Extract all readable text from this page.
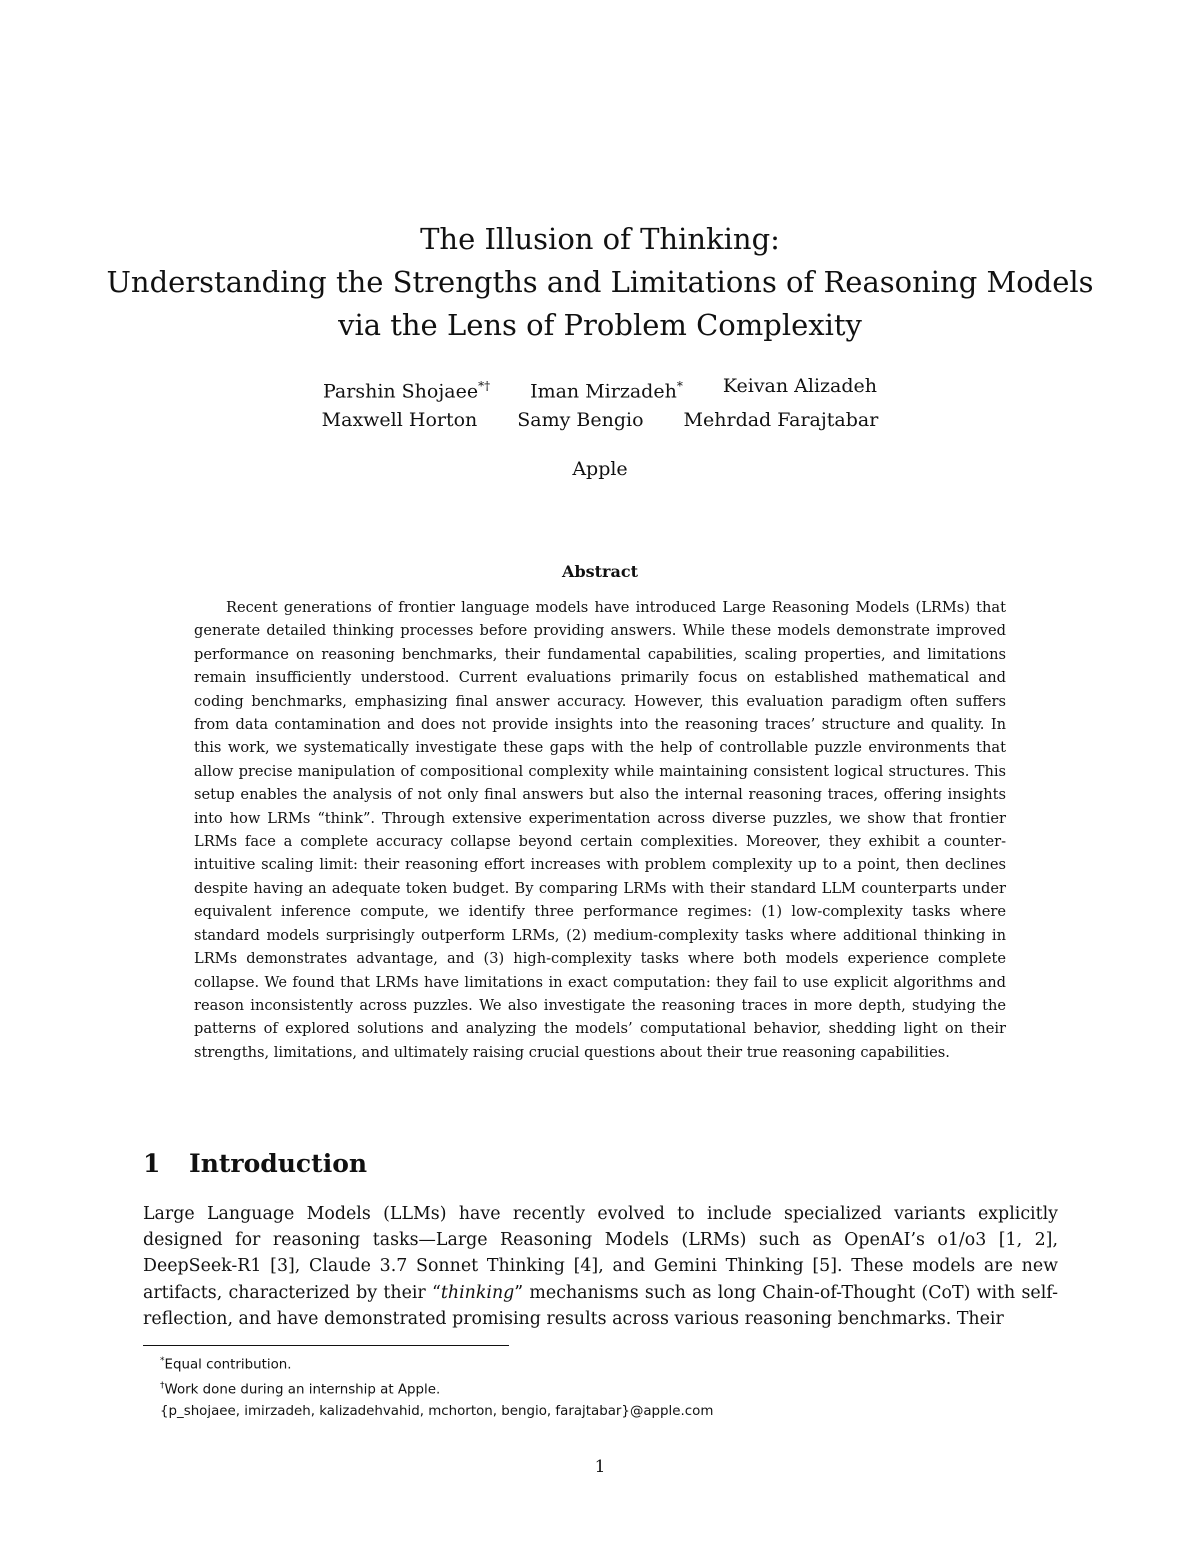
The Illusion of Thinking:
Understanding the Strengths and Limitations of Reasoning Models
via the Lens of Problem Complexity
Parshin Shojaee*† Iman Mirzadeh* Keivan Alizadeh
Maxwell Horton Samy Bengio Mehrdad Farajtabar
Apple
Abstract
Recent generations of frontier language models have introduced Large Reasoning Models (LRMs) that generate detailed thinking processes before providing answers. While these models demonstrate improved performance on reasoning benchmarks, their fundamental capabilities, scaling properties, and limitations remain insufficiently understood. Current evaluations primarily focus on established mathematical and coding benchmarks, emphasizing final answer accuracy. However, this evaluation paradigm often suffers from data contamination and does not provide insights into the reasoning traces’ structure and quality. In this work, we systematically investigate these gaps with the help of controllable puzzle environments that allow precise manipulation of compositional complexity while maintaining consistent logical structures. This setup enables the analysis of not only final answers but also the internal reasoning traces, offering insights into how LRMs “think”. Through extensive experimentation across diverse puzzles, we show that frontier LRMs face a complete accuracy collapse beyond certain complexities. Moreover, they exhibit a counter-intuitive scaling limit: their reasoning effort increases with problem complexity up to a point, then declines despite having an adequate token budget. By comparing LRMs with their standard LLM counterparts under equivalent inference compute, we identify three performance regimes: (1) low-complexity tasks where standard models surprisingly outperform LRMs, (2) medium-complexity tasks where additional thinking in LRMs demonstrates advantage, and (3) high-complexity tasks where both models experience complete collapse. We found that LRMs have limitations in exact computation: they fail to use explicit algorithms and reason inconsistently across puzzles. We also investigate the reasoning traces in more depth, studying the patterns of explored solutions and analyzing the models’ computational behavior, shedding light on their strengths, limitations, and ultimately raising crucial questions about their true reasoning capabilities.
1 Introduction
Large Language Models (LLMs) have recently evolved to include specialized variants explicitly designed for reasoning tasks—Large Reasoning Models (LRMs) such as OpenAI’s o1/o3 [1, 2], DeepSeek-R1 [3], Claude 3.7 Sonnet Thinking [4], and Gemini Thinking [5]. These models are new artifacts, characterized by their “thinking” mechanisms such as long Chain-of-Thought (CoT) with self-reflection, and have demonstrated promising results across various reasoning benchmarks. Their
*Equal contribution.
†Work done during an internship at Apple.
{p_shojaee, imirzadeh, kalizadehvahid, mchorton, bengio, farajtabar}@apple.com
1
